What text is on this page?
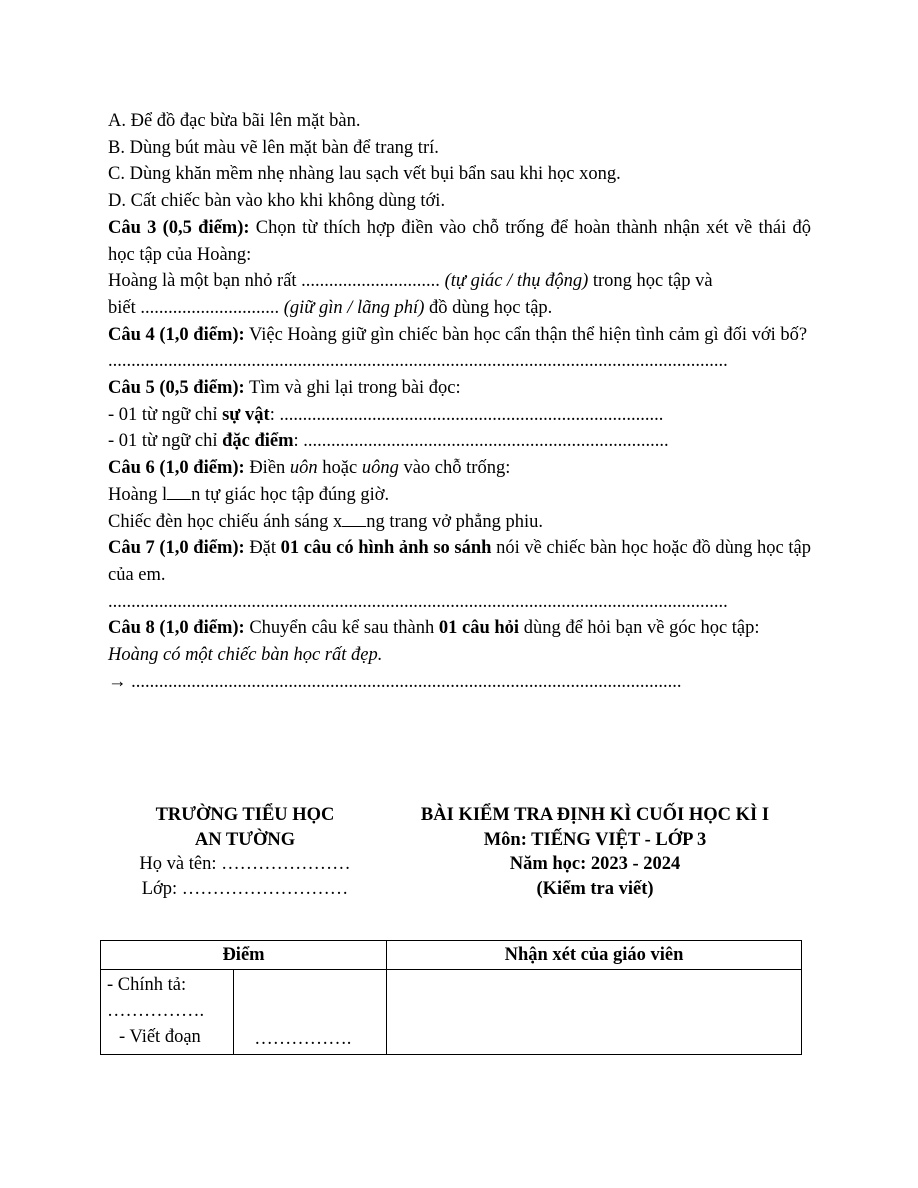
A. Để đồ đạc bừa bãi lên mặt bàn.
B. Dùng bút màu vẽ lên mặt bàn để trang trí.
C. Dùng khăn mềm nhẹ nhàng lau sạch vết bụi bẩn sau khi học xong.
D. Cất chiếc bàn vào kho khi không dùng tới.
Câu 3 (0,5 điểm): Chọn từ thích hợp điền vào chỗ trống để hoàn thành nhận xét về thái độ học tập của Hoàng:
Hoàng là một bạn nhỏ rất .............................. (tự giác / thụ động) trong học tập và
biết .............................. (giữ gìn / lãng phí) đồ dùng học tập.
Câu 4 (1,0 điểm): Việc Hoàng giữ gìn chiếc bàn học cẩn thận thể hiện tình cảm gì đối với bố?
......................................................................................................................................
Câu 5 (0,5 điểm): Tìm và ghi lại trong bài đọc:
- 01 từ ngữ chỉ sự vật: ...................................................................................
- 01 từ ngữ chỉ đặc điểm: ...............................................................................
Câu 6 (1,0 điểm): Điền uôn hoặc uông vào chỗ trống:
Hoàng l n tự giác học tập đúng giờ.
Chiếc đèn học chiếu ánh sáng x ng trang vở phẳng phiu.
Câu 7 (1,0 điểm): Đặt 01 câu có hình ảnh so sánh nói về chiếc bàn học hoặc đồ dùng học tập của em.
......................................................................................................................................
Câu 8 (1,0 điểm): Chuyển câu kể sau thành 01 câu hỏi dùng để hỏi bạn về góc học tập:
Hoàng có một chiếc bàn học rất đẹp.
→ .......................................................................................................................
TRƯỜNG TIỂU HỌC
AN TƯỜNG
Họ và tên: …………………
Lớp: ………………………
BÀI KIỂM TRA ĐỊNH KÌ CUỐI HỌC KÌ I
Môn: TIẾNG VIỆT - LỚP 3
Năm học: 2023 - 2024
(Kiểm tra viết)
Điểm		Nhận xét của giáo viên

- Chính tả:
…………….
- Viết đoạn	…………….	
